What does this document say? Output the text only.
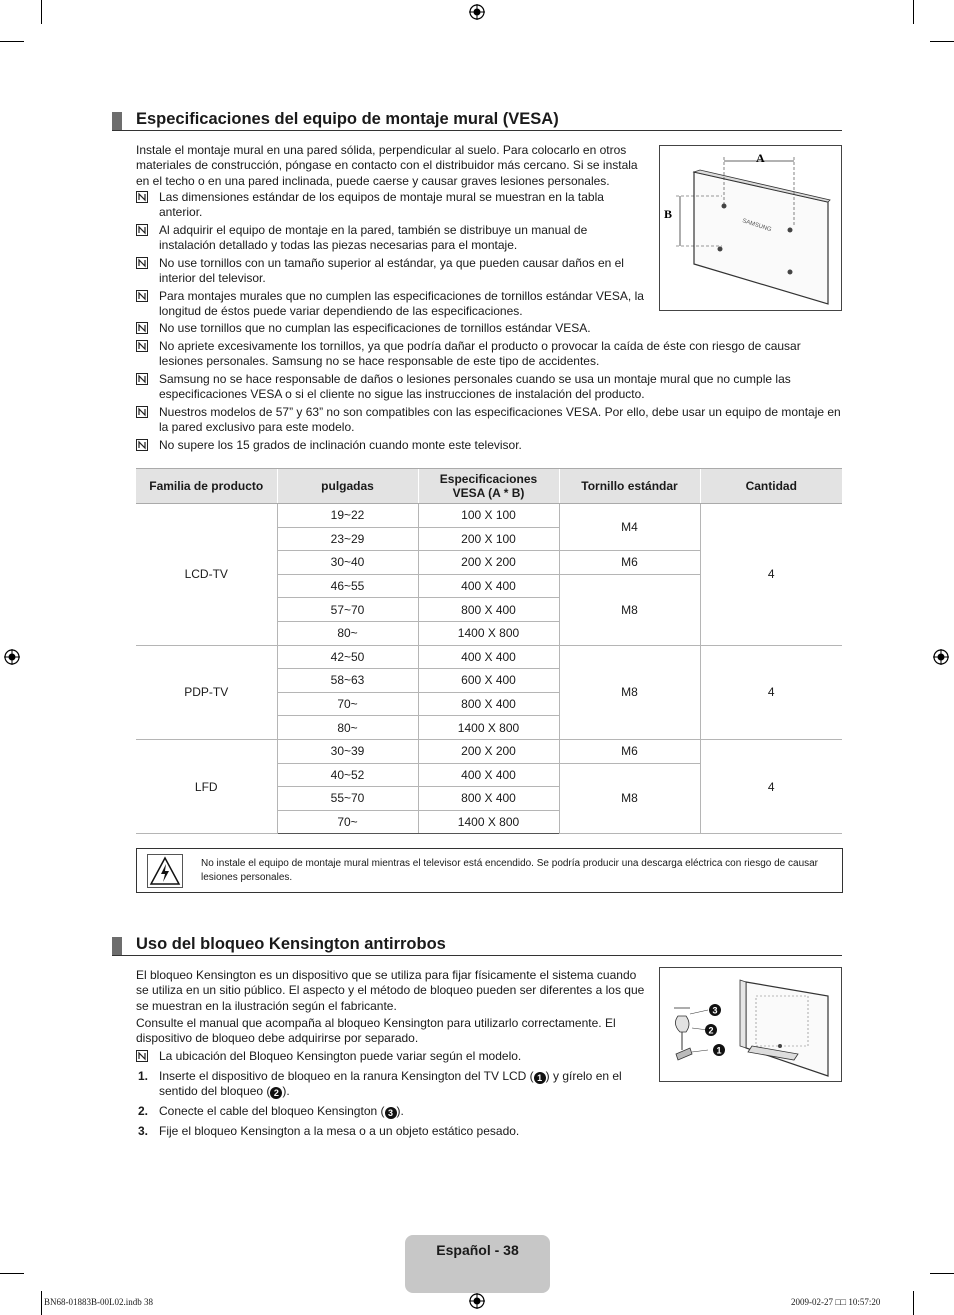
Especificaciones del equipo de montaje mural (VESA)
Instale el montaje mural en una pared sólida, perpendicular al suelo. Para colocarlo en otros materiales de construcción, póngase en contacto con el distribuidor más cercano. Si se instala en el techo o en una pared inclinada, puede caerse y causar graves lesiones personales.
Las dimensiones estándar de los equipos de montaje mural se muestran en la tabla anterior.
Al adquirir el equipo de montaje en la pared, también se distribuye un manual de instalación detallado y todas las piezas necesarias para el montaje.
No use tornillos con un tamaño superior al estándar, ya que pueden causar daños en el interior del televisor.
Para montajes murales que no cumplen las especificaciones de tornillos estándar VESA, la longitud de éstos puede variar dependiendo de las especificaciones.
No use tornillos que no cumplan las especificaciones de tornillos estándar VESA.
No apriete excesivamente los tornillos, ya que podría dañar el producto o provocar la caída de éste con riesgo de causar lesiones personales. Samsung no se hace responsable de este tipo de accidentes.
Samsung no se hace responsable de daños o lesiones personales cuando se usa un montaje mural que no cumple las especificaciones VESA o si el cliente no sigue las instrucciones de instalación del producto.
Nuestros modelos de 57” y 63” no son compatibles con las especificaciones VESA. Por ello, debe usar un equipo de montaje en la pared exclusivo para este modelo.
No supere los 15 grados de inclinación cuando monte este televisor.
SAMSUNG
A
B
Familia de producto	pulgadas	Especificaciones VESA (A * B)	Tornillo estándar	Cantidad
LCD-TV	19~22	100 X 100	M4	4
	23~29	200 X 100		
	30~40	200 X 200	M6	
	46~55	400 X 400	M8	
	57~70	800 X 400		
	80~	1400 X 800		
PDP-TV	42~50	400 X 400	M8	4
	58~63	600 X 400		
	70~	800 X 400		
	80~	1400 X 800		
LFD	30~39	200 X 200	M6	4
	40~52	400 X 400	M8	
	55~70	800 X 400		
	70~	1400 X 800		
No instale el equipo de montaje mural mientras el televisor está encendido. Se podría producir una descarga eléctrica con riesgo de causar lesiones personales.
Uso del bloqueo Kensington antirrobos
El bloqueo Kensington es un dispositivo que se utiliza para fijar físicamente el sistema cuando se utiliza en un sitio público. El aspecto y el método de bloqueo pueden ser diferentes a los que se muestran en la ilustración según el fabricante.
Consulte el manual que acompaña al bloqueo Kensington para utilizarlo correctamente. El dispositivo de bloqueo debe adquirirse por separado.
La ubicación del Bloqueo Kensington puede variar según el modelo.
1. Inserte el dispositivo de bloqueo en la ranura Kensington del TV LCD ( 1 ) y gírelo en el sentido del bloqueo ( 2 ).
2. Conecte el cable del bloqueo Kensington ( 3 ).
3. Fije el bloqueo Kensington a la mesa o a un objeto estático pesado.
3
2
1
Español - 38
BN68-01883B-00L02.indb 38	2009-02-27 □□ 10:57:20
